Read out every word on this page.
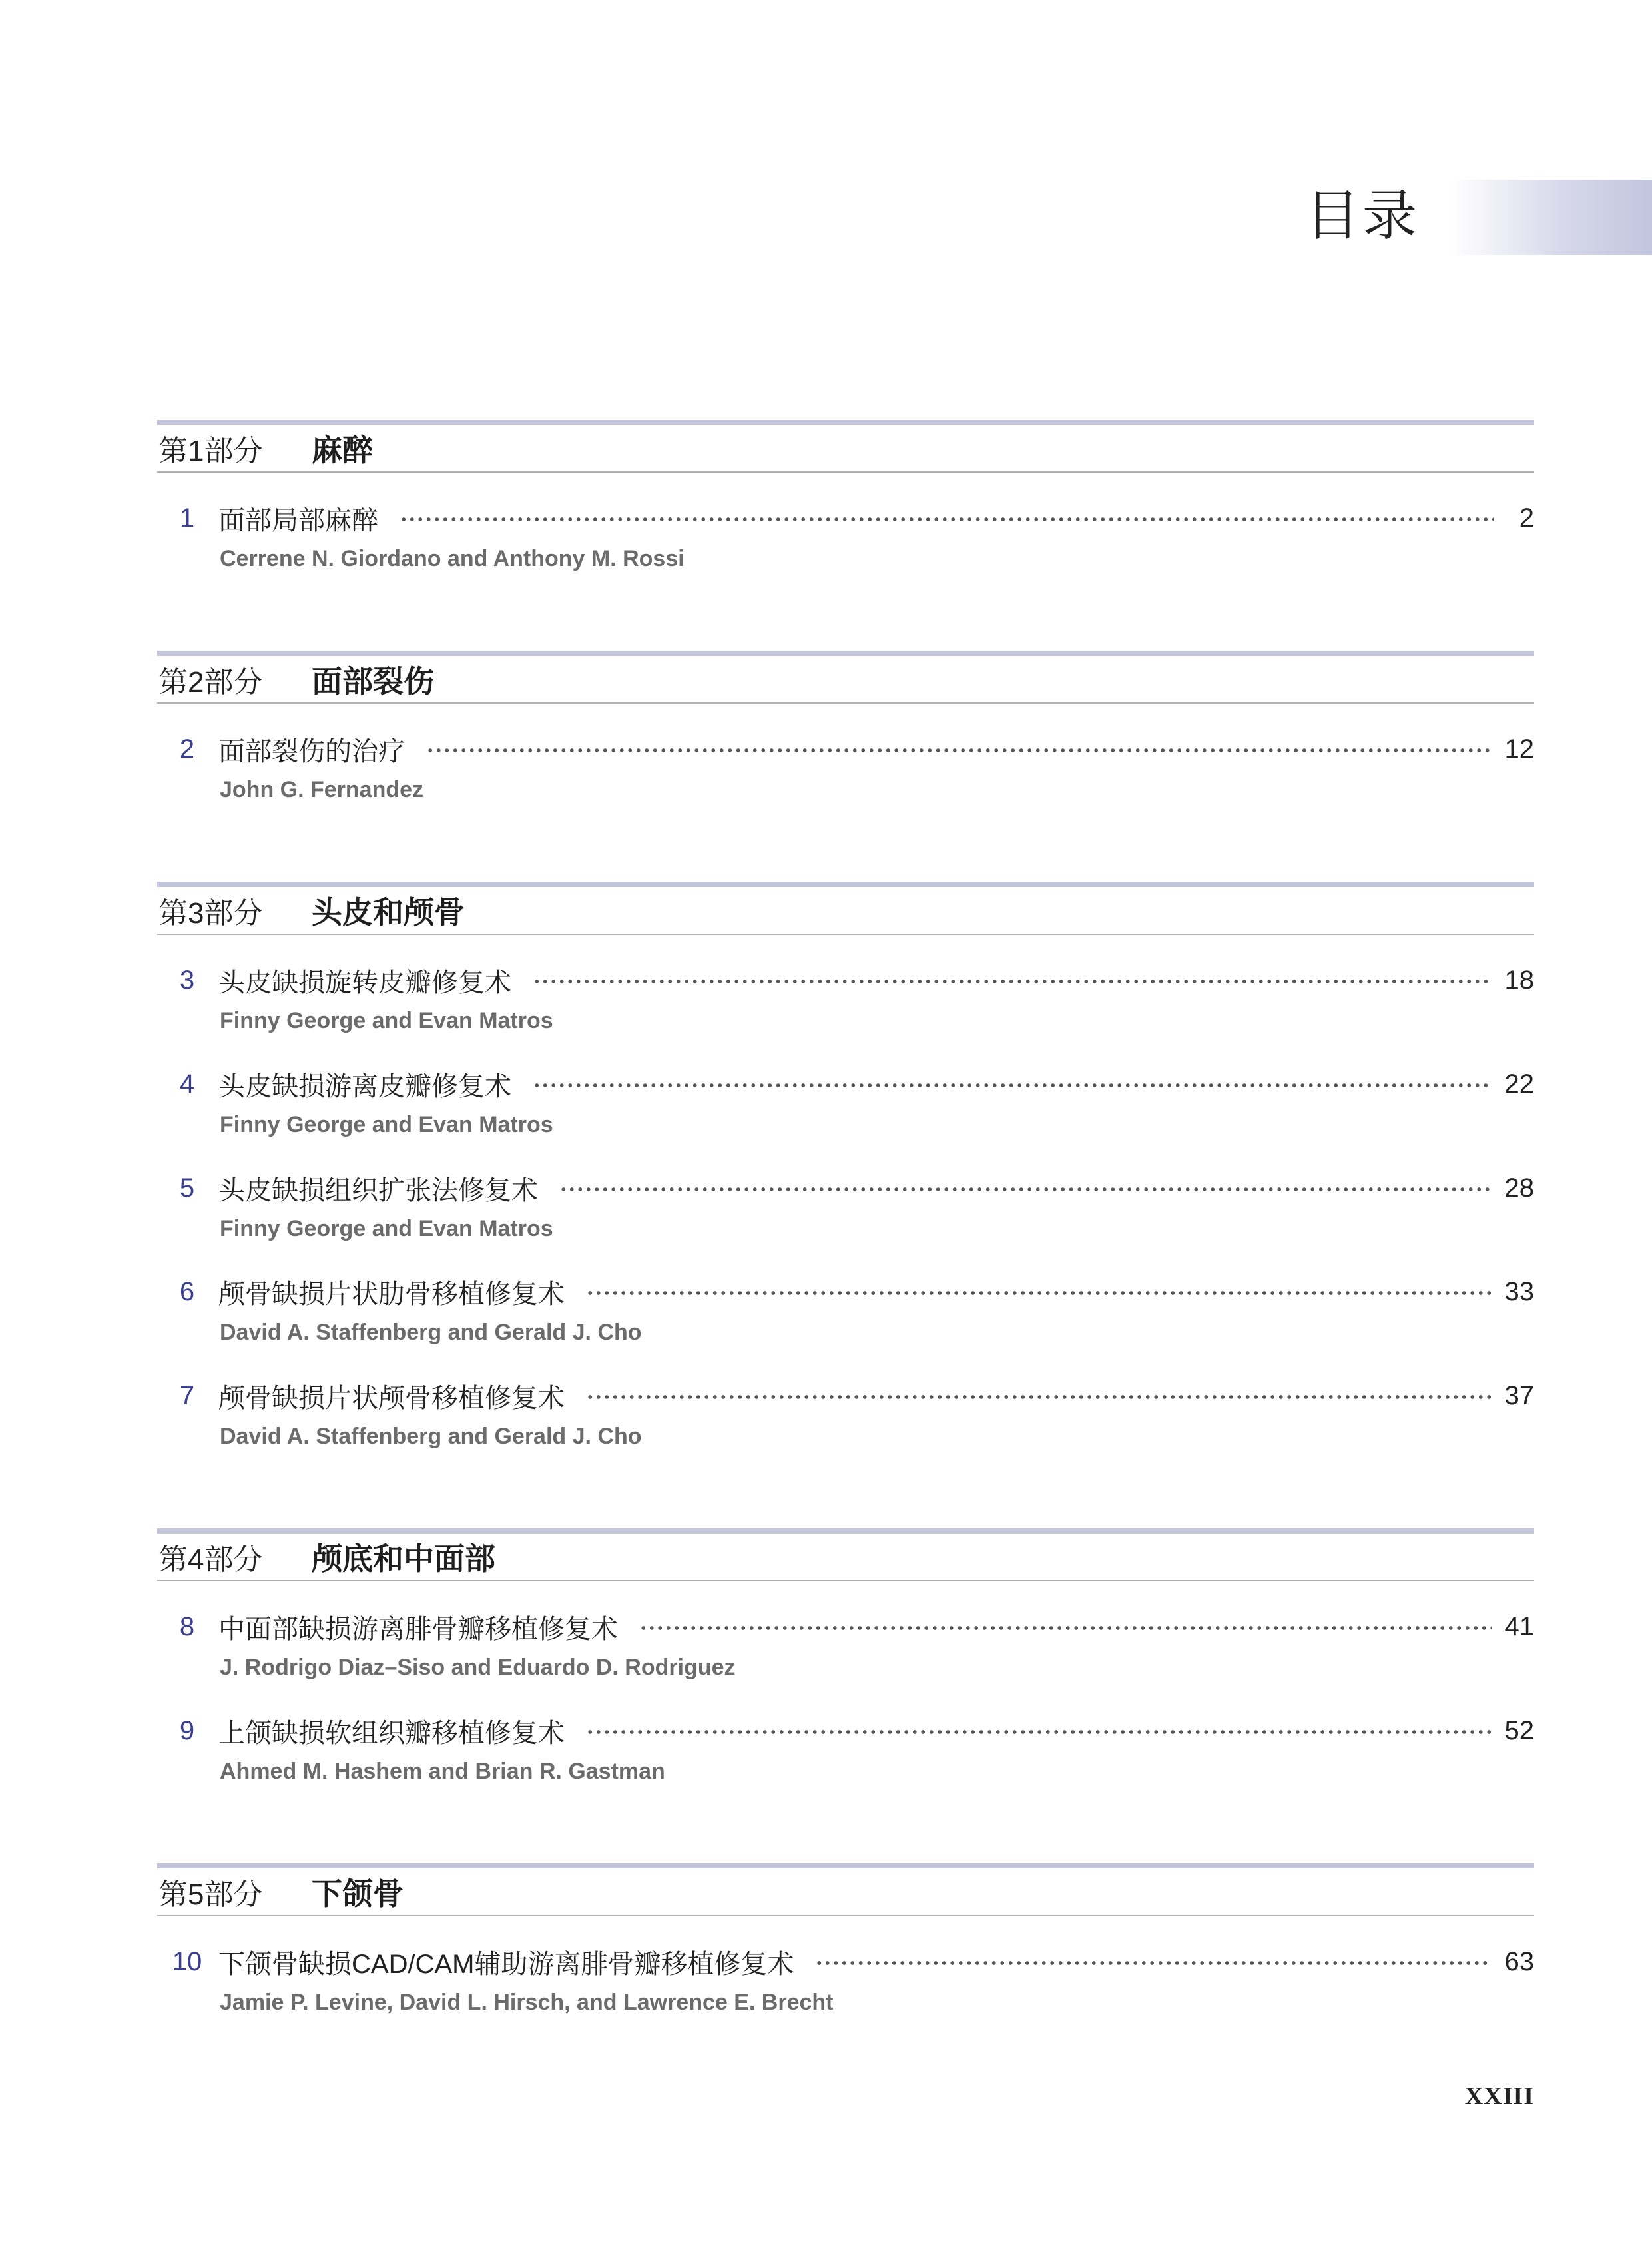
目录
第1部分	麻醉
1 面部局部麻醉	2
Cerrene N. Giordano and Anthony M. Rossi
第2部分	面部裂伤
2 面部裂伤的治疗	12
John G. Fernandez
第3部分	头皮和颅骨
3 头皮缺损旋转皮瓣修复术	18
Finny George and Evan Matros
4 头皮缺损游离皮瓣修复术	22
Finny George and Evan Matros
5 头皮缺损组织扩张法修复术	28
Finny George and Evan Matros
6 颅骨缺损片状肋骨移植修复术	33
David A. Staffenberg and Gerald J. Cho
7 颅骨缺损片状颅骨移植修复术	37
David A. Staffenberg and Gerald J. Cho
第4部分	颅底和中面部
8 中面部缺损游离腓骨瓣移植修复术	41
J. Rodrigo Diaz–Siso and Eduardo D. Rodriguez
9 上颌缺损软组织瓣移植修复术	52
Ahmed M. Hashem and Brian R. Gastman
第5部分	下颌骨
10 下颌骨缺损CAD/CAM辅助游离腓骨瓣移植修复术	63
Jamie P. Levine, David L. Hirsch, and Lawrence E. Brecht
XXIII
